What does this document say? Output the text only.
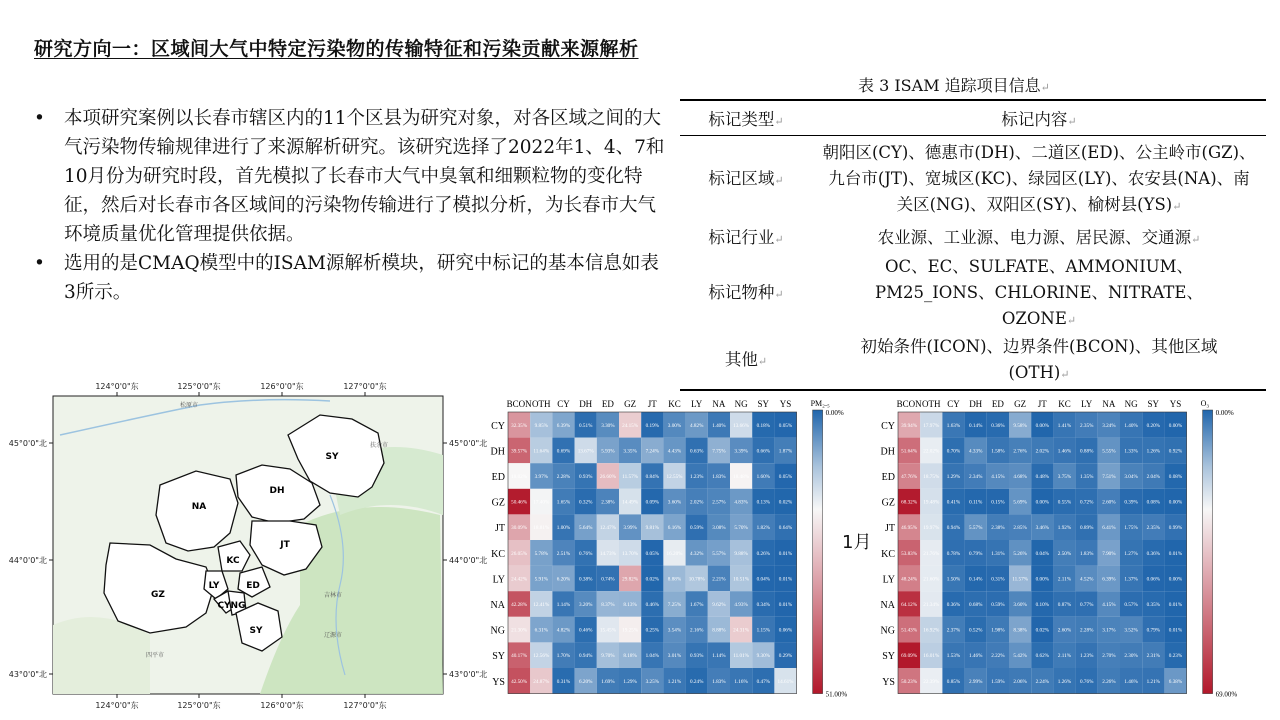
研究方向一：区域间大气中特定污染物的传输特征和污染贡献来源解析
• 本项研究案例以长春市辖区内的11个区县为研究对象，对各区域之间的大气污染物传输规律进行了来源解析研究。该研究选择了2022年1、4、7和10月份为研究时段，首先模拟了长春市大气中臭氧和细颗粒物的变化特征，然后对长春市各区域间的污染物传输进行了模拟分析，为长春市大气环境质量优化管理提供依据。
• 选用的是CMAQ模型中的ISAM源解析模块，研究中标记的基本信息如表3所示。
表 3 ISAM 追踪项目信息↵
标记类型↵	标记内容↵
标记区域↵	朝阳区(CY)、德惠市(DH)、二道区(ED)、公主岭市(GZ)、九台市(JT)、宽城区(KC)、绿园区(LY)、农安县(NA)、南关区(NG)、双阳区(SY)、榆树县(YS)↵
标记行业↵	农业源、工业源、电力源、居民源、交通源↵
标记物种↵	OC、EC、SULFATE、AMMONIUM、PM25_IONS、CHLORINE、NITRATE、OZONE↵
其他↵	初始条件(ICON)、边界条件(BCON)、其他区域(OTH)↵
SY
DH
NA
JT
KC
ED
GZ
LY
CY NG
SY
松原市
扶余市
吉林市
四平市
辽源市
124°0'0"东	125°0'0"东	126°0'0"东	127°0'0"东
124°0'0"东	125°0'0"东	126°0'0"东	127°0'0"东
45°0'0"北
44°0'0"北
43°0'0"北
45°0'0"北
44°0'0"北
43°0'0"北
BCON OTH CY DH ED GZ JT KC LY NA NG SY YS
CY 32.35% 9.85% 6.39% 0.51% 3.30% 24.15% 0.19% 3.00% 4.82% 1.40% 13.66% 0.18% 0.05%
DH 39.57% 11.64% 0.69% 13.67% 5.93% 3.35% 7.24% 4.43% 0.63% 7.75% 3.39% 0.66% 1.87%
ED 18.02% 3.97% 2.28% 0.93% 26.60% 11.57% 0.84% 12.55% 1.23% 1.83% 18.48% 1.60% 0.05%
GZ 50.46% 17.40% 1.65% 0.32% 2.38% 14.49% 0.09% 3.60% 2.02% 2.57% 4.83% 0.13% 0.02%
JT 30.09% 18.81% 1.00% 5.64% 12.47% 3.99% 9.81% 6.16% 0.59% 3.08% 5.70% 1.82% 0.64%
KC 26.05% 5.78% 2.51% 0.76% 14.73% 13.70% 0.05% 16.20% 4.32% 5.57% 9.88% 0.26% 0.01%
LY 24.42% 5.91% 6.20% 0.38% 0.74% 29.82% 0.02% 8.88% 10.78% 2.21% 10.51% 0.04% 0.01%
NA 42.28% 12.41% 1.14% 3.20% 8.37% 8.13% 0.46% 7.25% 1.67% 9.62% 4.93% 0.34% 0.01%
NG 21.30% 6.31% 4.82% 0.46% 15.45% 19.25% 0.25% 3.54% 2.16% 8.88% 24.31% 1.15% 0.06%
SY 40.17% 12.56% 1.70% 0.94% 9.70% 8.18% 1.04% 3.01% 0.93% 1.14% 11.01% 9.30% 0.29%
YS 42.50% 24.87% 0.31% 6.20% 1.69% 1.29% 3.25% 1.21% 0.24% 1.83% 1.16% 0.47% 14.61%
PM₂.₅
0.00%
51.00%
1月
BCON OTH CY DH ED GZ JT KC LY NA NG SY YS
CY 39.94% 17.97% 1.63% 0.14% 0.36% 9.58% 0.00% 1.41% 2.35% 3.24% 1.40% 0.20% 0.00%
DH 51.64% 22.02% 0.70% 4.33% 1.58% 2.76% 2.02% 1.46% 0.88% 5.55% 1.33% 1.26% 0.92%
ED 47.76% 18.75% 1.29% 2.34% 4.15% 4.68% 0.48% 3.75% 1.35% 7.51% 3.04% 2.04% 0.08%
GZ 68.32% 19.48% 0.41% 0.11% 0.15% 5.69% 0.00% 0.55% 0.72% 2.60% 0.39% 0.08% 0.00%
JT 46.95% 19.97% 0.94% 5.57% 2.38% 2.85% 3.46% 1.92% 0.89% 6.41% 1.75% 2.35% 0.99%
KC 53.83% 21.76% 0.78% 0.79% 1.31% 5.26% 0.04% 2.50% 1.83% 7.90% 1.27% 0.36% 0.01%
LY 48.24% 21.60% 1.50% 0.14% 0.31% 11.57% 0.00% 2.11% 4.52% 6.39% 1.37% 0.06% 0.00%
NA 64.12% 21.34% 0.36% 0.68% 0.59% 3.60% 0.10% 0.87% 0.77% 4.15% 0.57% 0.35% 0.01%
NG 51.43% 16.92% 2.37% 0.52% 1.98% 8.38% 0.02% 2.60% 2.28% 3.17% 3.52% 0.79% 0.01%
SY 69.09% 16.01% 1.53% 1.46% 2.22% 5.42% 0.62% 2.11% 1.23% 2.70% 2.30% 2.31% 0.23%
YS 50.23% 22.39% 0.85% 2.99% 1.59% 2.06% 2.24% 1.26% 0.76% 2.26% 1.46% 1.21% 6.38%
O₃
0.00%
69.00%
